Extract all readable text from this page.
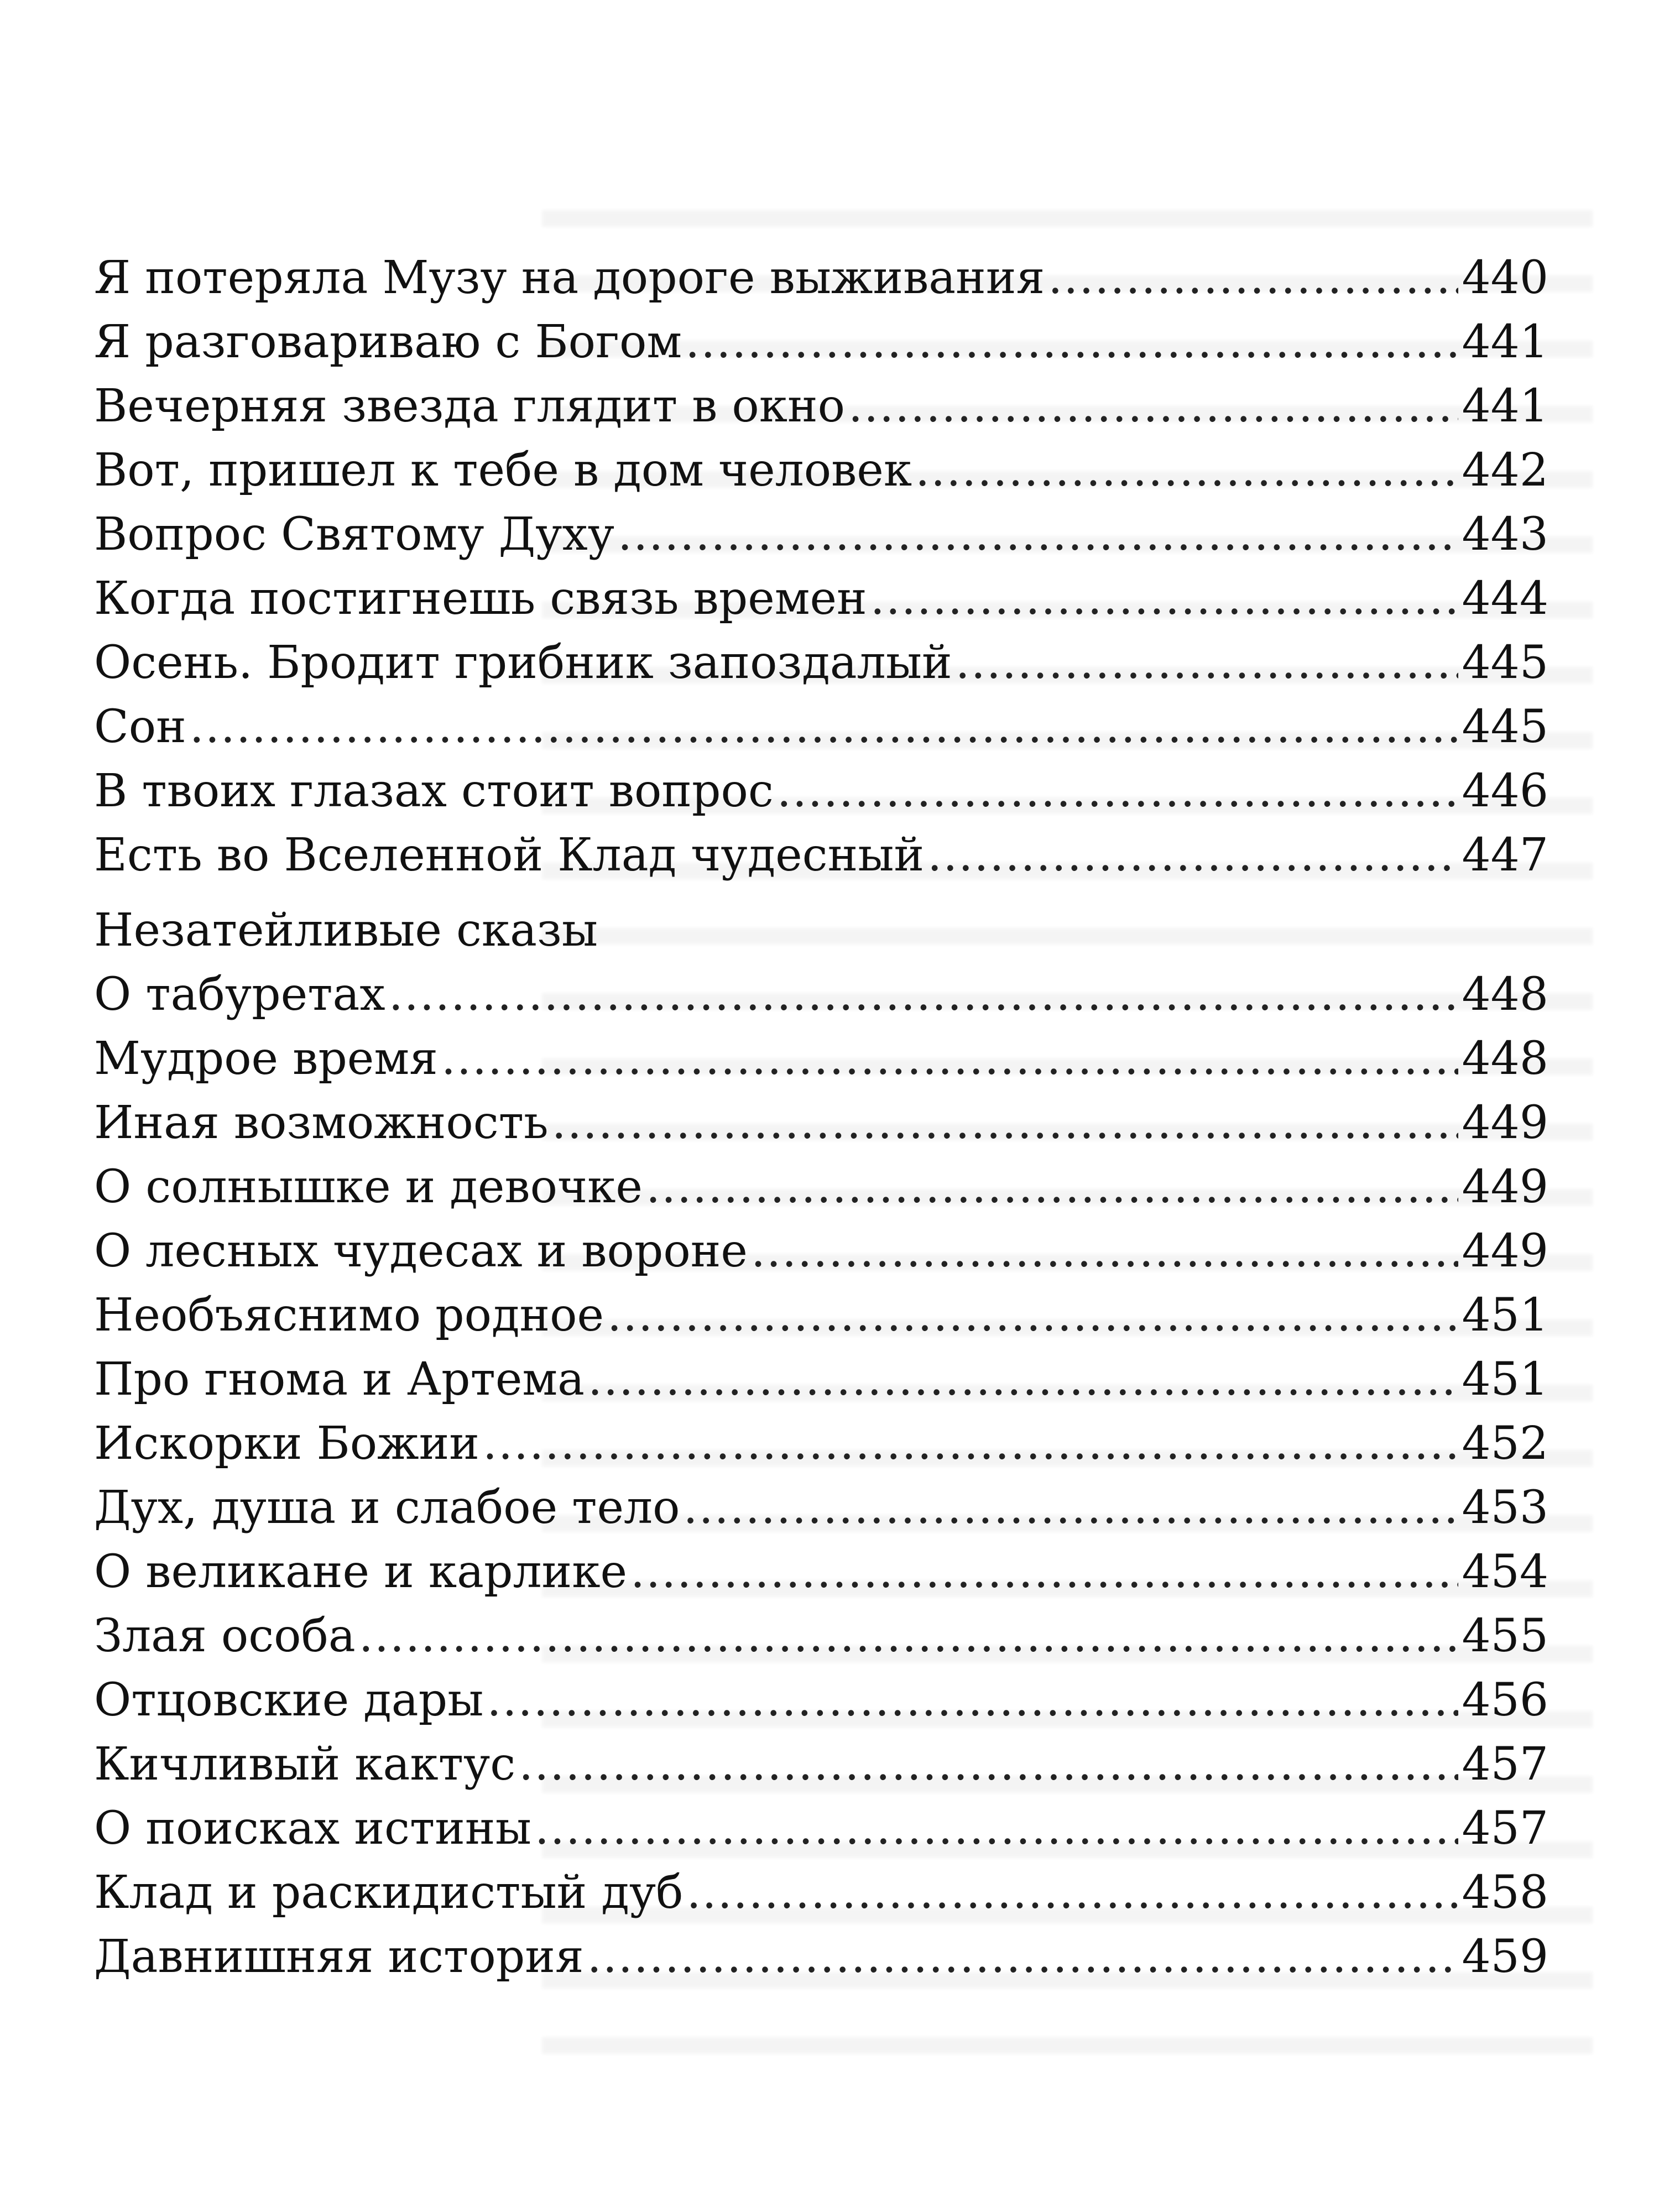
Я потеряла Музу на дороге выживания .....	440
Я разговариваю с Богом .....	441
Вечерняя звезда глядит в окно .....	441
Вот, пришел к тебе в дом человек .....	442
Вопрос Святому Духу .....	443
Когда постигнешь связь времен .....	444
Осень. Бродит грибник запоздалый .....	445
Сон .....	445
В твоих глазах стоит вопрос .....	446
Есть во Вселенной Клад чудесный .....	447
Незатейливые сказы
О табуретах .....	448
Мудрое время .....	448
Иная возможность .....	449
О солнышке и девочке .....	449
О лесных чудесах и вороне .....	449
Необъяснимо родное .....	451
Про гнома и Артема .....	451
Искорки Божии .....	452
Дух, душа и слабое тело .....	453
О великане и карлике .....	454
Злая особа .....	455
Отцовские дары .....	456
Кичливый кактус .....	457
О поисках истины .....	457
Клад и раскидистый дуб .....	458
Давнишняя история .....	459
